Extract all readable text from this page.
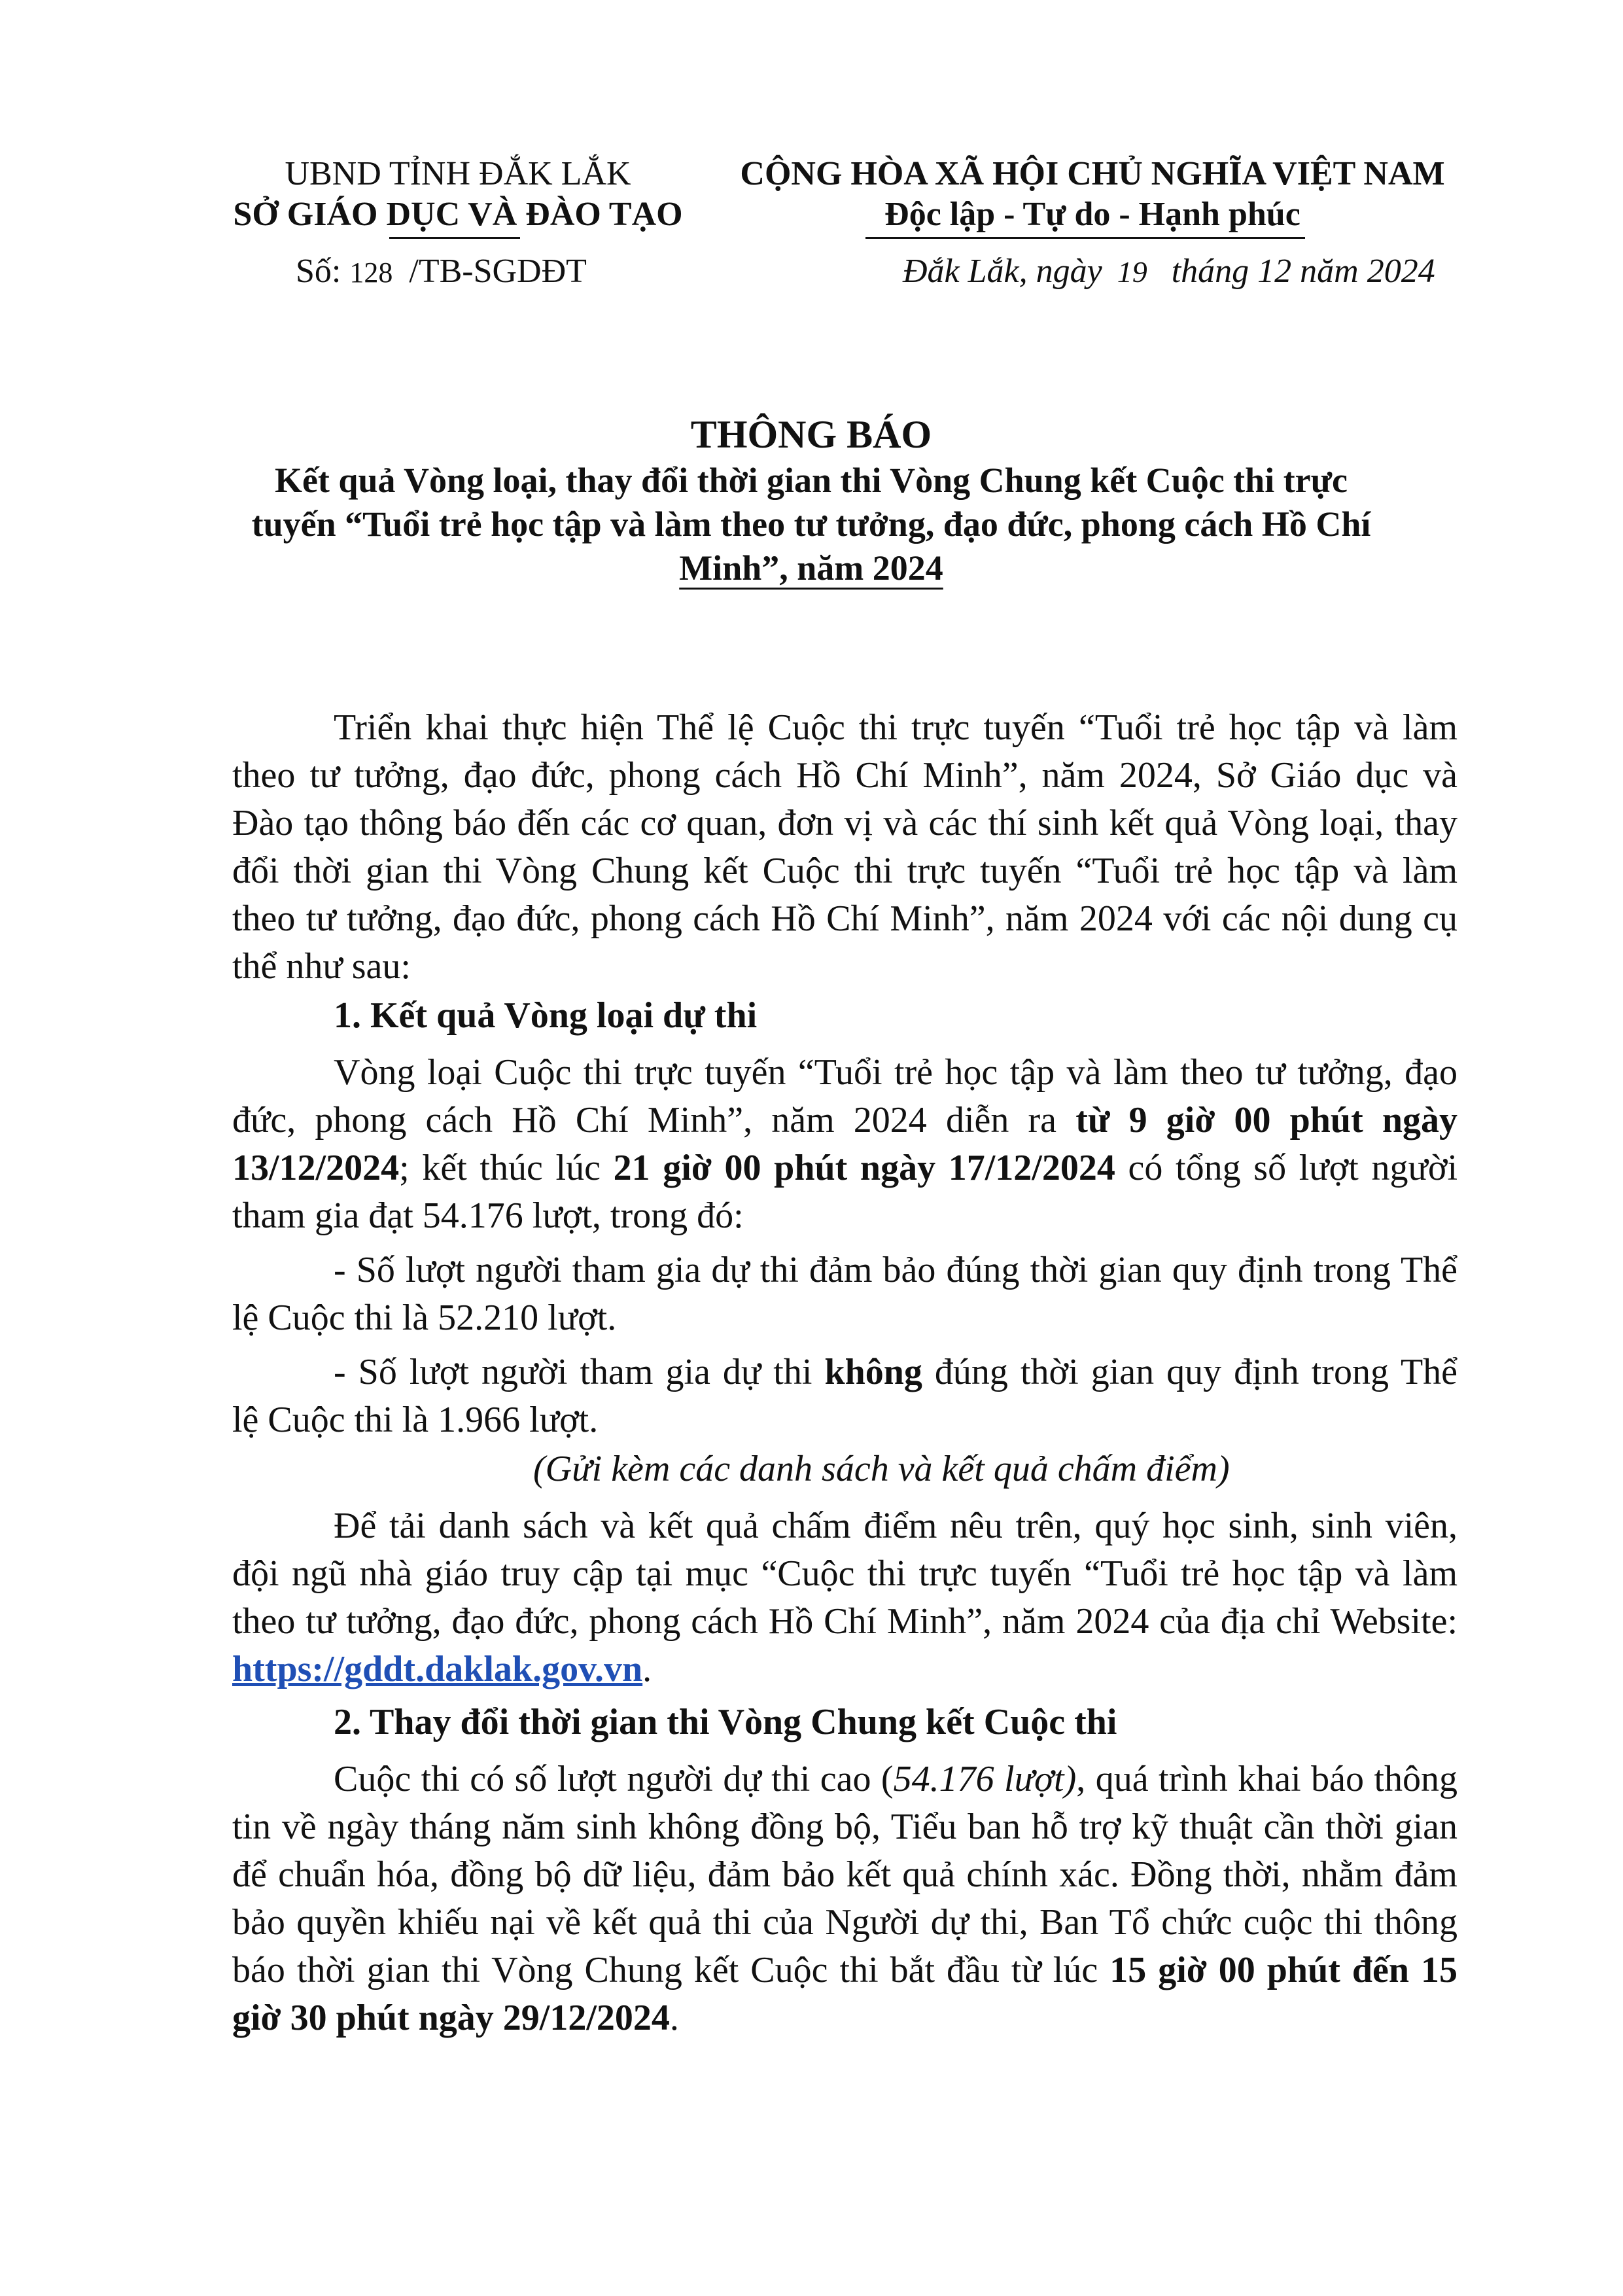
UBND TỈNH ĐẮK LẮK
SỞ GIÁO DỤC VÀ ĐÀO TẠO
Số: 128 /TB-SGDĐT
CỘNG HÒA XÃ HỘI CHỦ NGHĨA VIỆT NAM
Độc lập - Tự do - Hạnh phúc
Đắk Lắk, ngày 19 tháng 12 năm 2024
THÔNG BÁO
Kết quả Vòng loại, thay đổi thời gian thi Vòng Chung kết Cuộc thi trực
tuyến “Tuổi trẻ học tập và làm theo tư tưởng, đạo đức, phong cách Hồ Chí
Minh”, năm 2024
Triển khai thực hiện Thể lệ Cuộc thi trực tuyến “Tuổi trẻ học tập và làm
theo tư tưởng, đạo đức, phong cách Hồ Chí Minh”, năm 2024, Sở Giáo dục và
Đào tạo thông báo đến các cơ quan, đơn vị và các thí sinh kết quả Vòng loại, thay
đổi thời gian thi Vòng Chung kết Cuộc thi trực tuyến “Tuổi trẻ học tập và làm
theo tư tưởng, đạo đức, phong cách Hồ Chí Minh”, năm 2024 với các nội dung cụ
thể như sau:
1. Kết quả Vòng loại dự thi
Vòng loại Cuộc thi trực tuyến “Tuổi trẻ học tập và làm theo tư tưởng, đạo
đức, phong cách Hồ Chí Minh”, năm 2024 diễn ra từ 9 giờ 00 phút ngày
13/12/2024; kết thúc lúc 21 giờ 00 phút ngày 17/12/2024 có tổng số lượt người
tham gia đạt 54.176 lượt, trong đó:
- Số lượt người tham gia dự thi đảm bảo đúng thời gian quy định trong Thể
lệ Cuộc thi là 52.210 lượt.
- Số lượt người tham gia dự thi không đúng thời gian quy định trong Thể
lệ Cuộc thi là 1.966 lượt.
(Gửi kèm các danh sách và kết quả chấm điểm)
Để tải danh sách và kết quả chấm điểm nêu trên, quý học sinh, sinh viên,
đội ngũ nhà giáo truy cập tại mục “Cuộc thi trực tuyến “Tuổi trẻ học tập và làm
theo tư tưởng, đạo đức, phong cách Hồ Chí Minh”, năm 2024 của địa chỉ Website:
https://gddt.daklak.gov.vn.
2. Thay đổi thời gian thi Vòng Chung kết Cuộc thi
Cuộc thi có số lượt người dự thi cao (54.176 lượt), quá trình khai báo thông
tin về ngày tháng năm sinh không đồng bộ, Tiểu ban hỗ trợ kỹ thuật cần thời gian
để chuẩn hóa, đồng bộ dữ liệu, đảm bảo kết quả chính xác. Đồng thời, nhằm đảm
bảo quyền khiếu nại về kết quả thi của Người dự thi, Ban Tổ chức cuộc thi thông
báo thời gian thi Vòng Chung kết Cuộc thi bắt đầu từ lúc 15 giờ 00 phút đến 15
giờ 30 phút ngày 29/12/2024.
